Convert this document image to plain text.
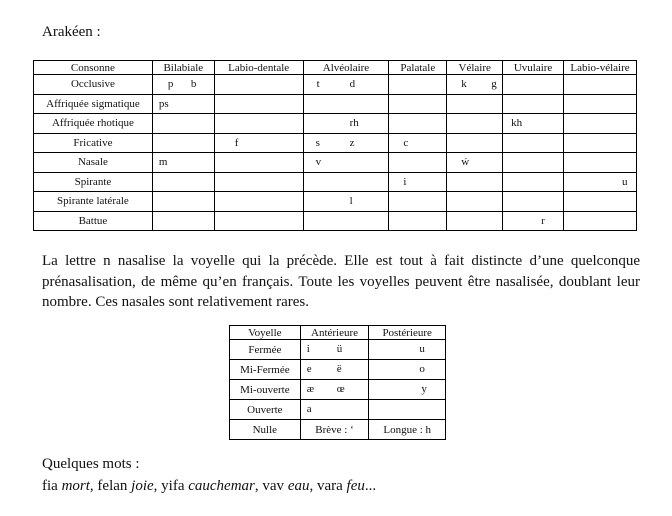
Arakéen :
Consonne	Bilabiale	Labio-dentale	Alvéolaire	Palatale	Vélaire	Uvulaire	Labio-vélaire
Occlusive	p b		t d		k g		

Affriquée sigmatique	ps						

Affriquée rhotique			rh			kh	

Fricative		f	s z	c			

Nasale	m		v		ẃ		

Spirante				i			u

Spirante latérale			l				

Battue						r	

La lettre n nasalise la voyelle qui la précède. Elle est tout à fait distincte d’une quelconque prénasalisation, de même qu’en français. Toute les voyelles peuvent être nasalisée, doublant leur nombre. Ces nasales sont relativement rares.
Voyelle	Antérieure	Postérieure
Fermée	i ü	u

Mi-Fermée	e ë	o

Mi-ouverte	æ œ	y

Ouverte	a	

Nulle	Brève : ʻ	Longue : h
Quelques mots :
fia mort, felan joie, yifa cauchemar, vav eau, vara feu...
